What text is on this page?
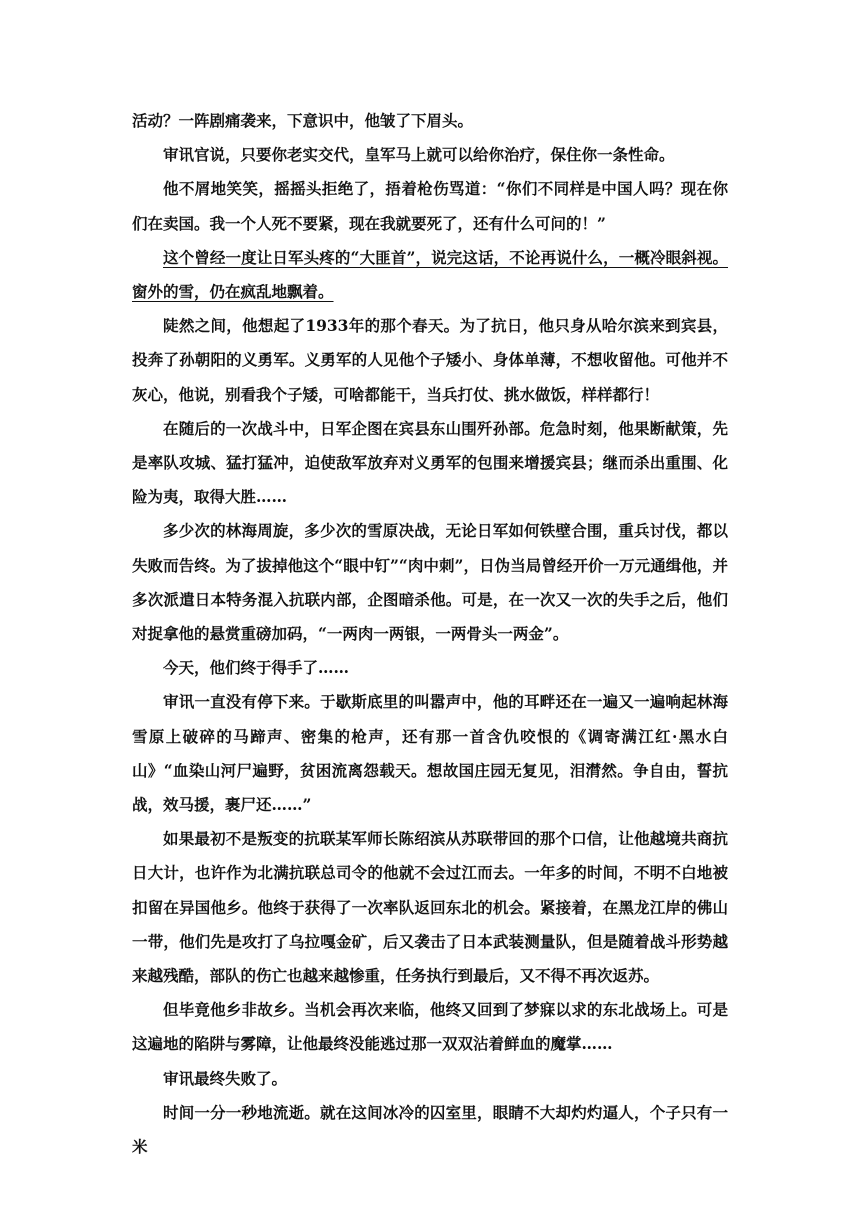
活动？一阵剧痛袭来，下意识中，他皱了下眉头。

审讯官说，只要你老实交代，皇军马上就可以给你治疗，保住你一条性命。

他不屑地笑笑，摇摇头拒绝了，捂着枪伤骂道：“你们不同样是中国人吗？现在你们在卖国。我一个人死不要紧，现在我就要死了，还有什么可问的！”

这个曾经一度让日军头疼的“大匪首”，说完这话，不论再说什么，一概冷眼斜视。窗外的雪，仍在疯乱地飘着。

陡然之间，他想起了1933年的那个春天。为了抗日，他只身从哈尔滨来到宾县，投奔了孙朝阳的义勇军。义勇军的人见他个子矮小、身体单薄，不想收留他。可他并不灰心，他说，别看我个子矮，可啥都能干，当兵打仗、挑水做饭，样样都行！

在随后的一次战斗中，日军企图在宾县东山围歼孙部。危急时刻，他果断献策，先是率队攻城、猛打猛冲，迫使敌军放弃对义勇军的包围来增援宾县；继而杀出重围、化险为夷，取得大胜……

多少次的林海周旋，多少次的雪原决战，无论日军如何铁壁合围，重兵讨伐，都以失败而告终。为了拔掉他这个“眼中钉”“肉中刺”，日伪当局曾经开价一万元通缉他，并多次派遣日本特务混入抗联内部，企图暗杀他。可是，在一次又一次的失手之后，他们对捉拿他的悬赏重磅加码，“一两肉一两银，一两骨头一两金”。

今天，他们终于得手了……

审讯一直没有停下来。于歇斯底里的叫嚣声中，他的耳畔还在一遍又一遍响起林海雪原上破碎的马蹄声、密集的枪声，还有那一首含仇咬恨的《调寄满江红·黑水白山》“血染山河尸遍野，贫困流离怨载天。想故国庄园无复见，泪潸然。争自由，誓抗战，效马援，裹尸还……”

如果最初不是叛变的抗联某军师长陈绍滨从苏联带回的那个口信，让他越境共商抗日大计，也许作为北满抗联总司令的他就不会过江而去。一年多的时间，不明不白地被扣留在异国他乡。他终于获得了一次率队返回东北的机会。紧接着，在黑龙江岸的佛山一带，他们先是攻打了乌拉嘎金矿，后又袭击了日本武装测量队，但是随着战斗形势越来越残酷，部队的伤亡也越来越惨重，任务执行到最后，又不得不再次返苏。

但毕竟他乡非故乡。当机会再次来临，他终又回到了梦寐以求的东北战场上。可是这遍地的陷阱与雾障，让他最终没能逃过那一双双沾着鲜血的魔掌……

审讯最终失败了。

时间一分一秒地流逝。就在这间冰冷的囚室里，眼睛不大却灼灼逼人，个子只有一米
